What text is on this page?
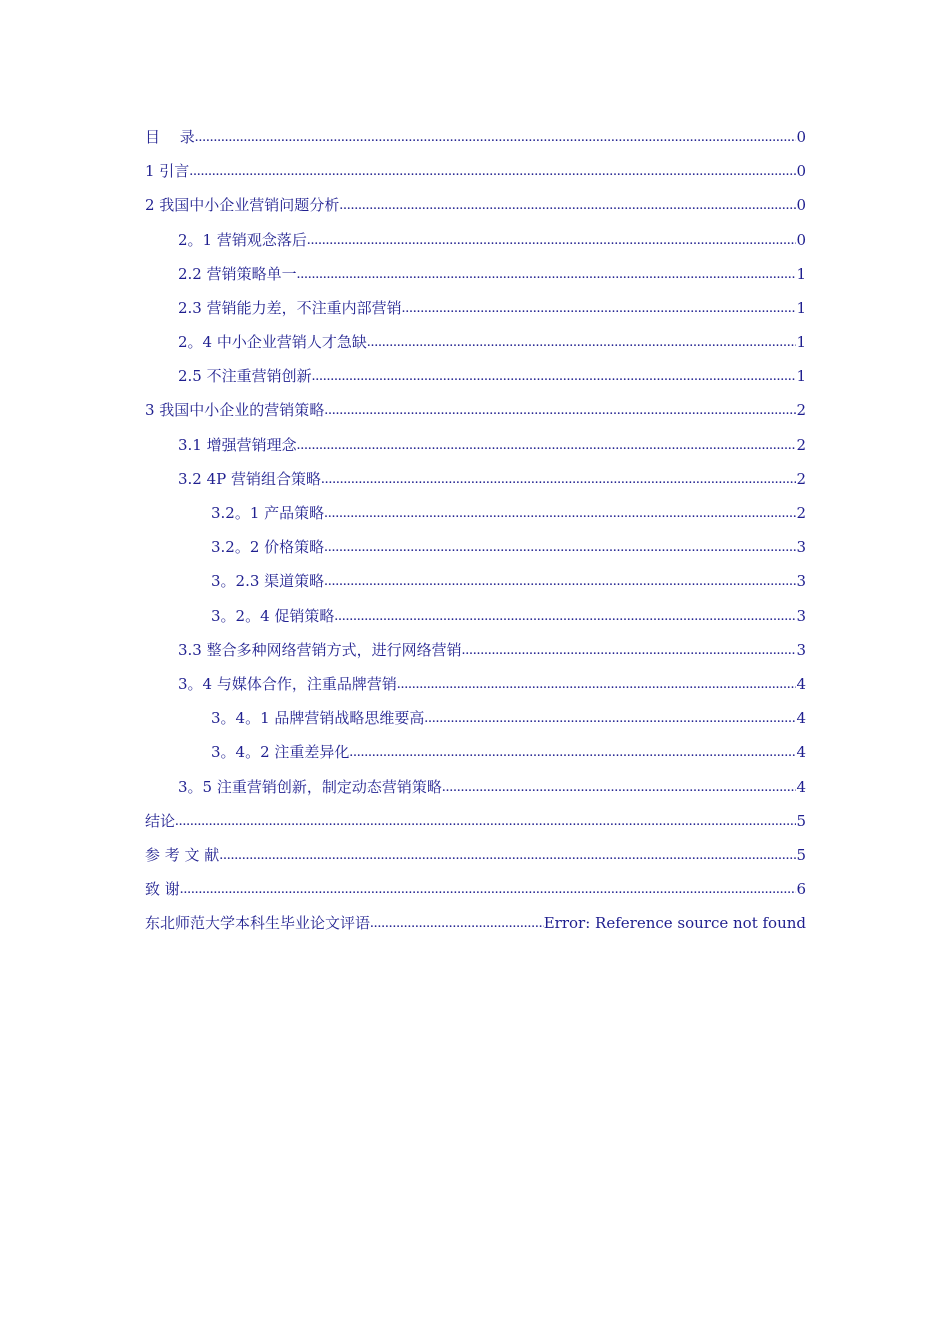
目　 录 .....	0
1 引言 .....	0
2 我国中小企业营销问题分析 .....	0
2。1 营销观念落后 .....	0
2.2 营销策略单一 .....	1
2.3 营销能力差，不注重内部营销 .....	1
2。4 中小企业营销人才急缺 .....	1
2.5 不注重营销创新 .....	1
3 我国中小企业的营销策略 .....	2
3.1 增强营销理念 .....	2
3.2 4P 营销组合策略 .....	2
3.2。1 产品策略 .....	2
3.2。2 价格策略 .....	3
3。2.3 渠道策略 .....	3
3。2。4 促销策略 .....	3
3.3 整合多种网络营销方式，进行网络营销 .....	3
3。4 与媒体合作，注重品牌营销 .....	4
3。4。1 品牌营销战略思维要高 .....	4
3。4。2 注重差异化 .....	4
3。5 注重营销创新，制定动态营销策略 .....	4
结论 .....	5
参 考 文 献 .....	5
致 谢 .....	6
东北师范大学本科生毕业论文评语 .....	Error: Reference source not found
